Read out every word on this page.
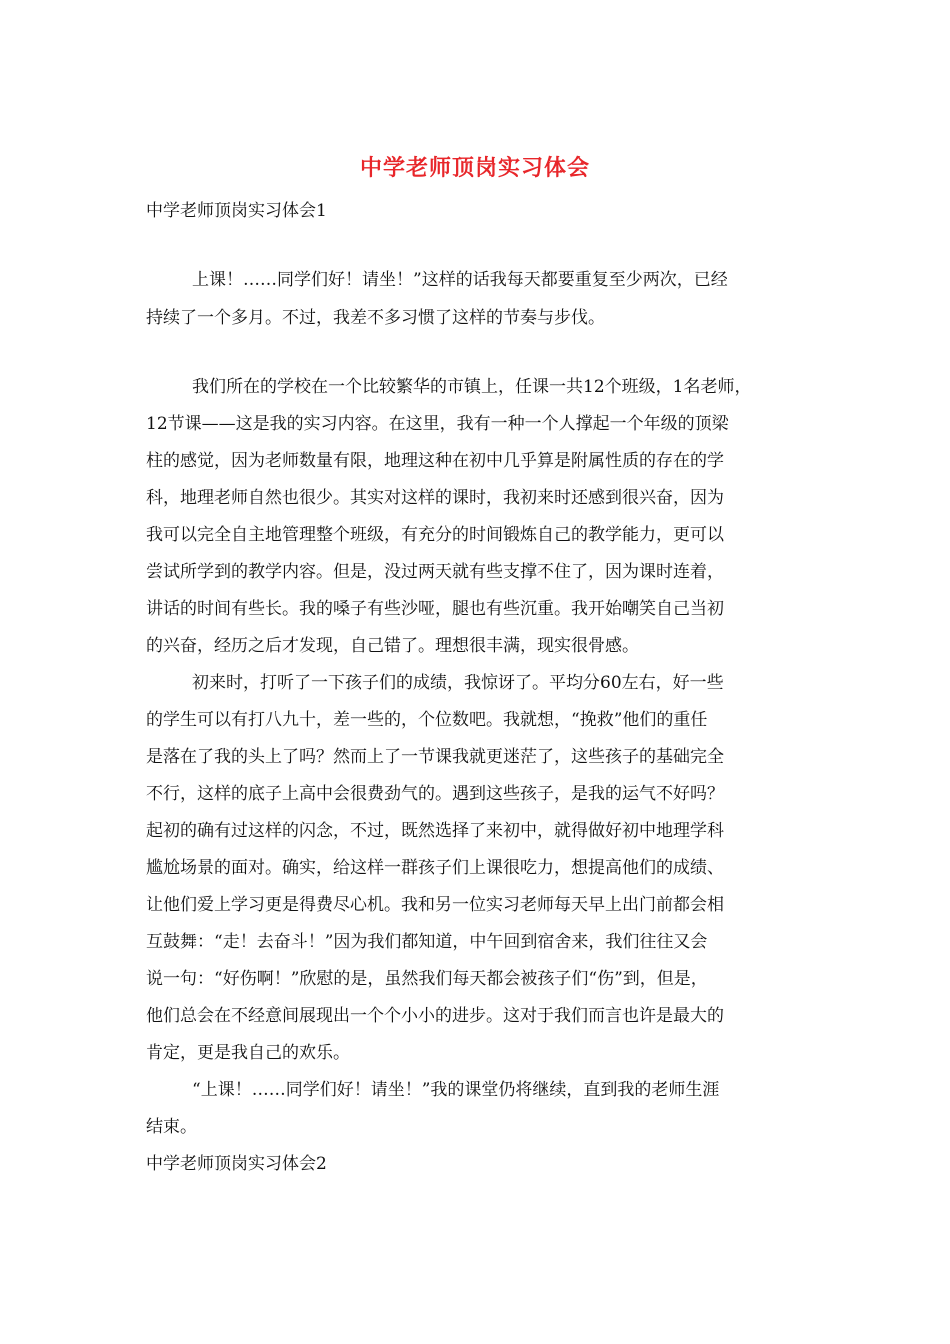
中学老师顶岗实习体会
中学老师顶岗实习体会1
上课！……同学们好！请坐！”这样的话我每天都要重复至少两次，已经
持续了一个多月。不过，我差不多习惯了这样的节奏与步伐。
我们所在的学校在一个比较繁华的市镇上，任课一共12个班级，1名老师，
12节课——这是我的实习内容。在这里，我有一种一个人撑起一个年级的顶梁
柱的感觉，因为老师数量有限，地理这种在初中几乎算是附属性质的存在的学
科，地理老师自然也很少。其实对这样的课时，我初来时还感到很兴奋，因为
我可以完全自主地管理整个班级，有充分的时间锻炼自己的教学能力，更可以
尝试所学到的教学内容。但是，没过两天就有些支撑不住了，因为课时连着，
讲话的时间有些长。我的嗓子有些沙哑，腿也有些沉重。我开始嘲笑自己当初
的兴奋，经历之后才发现，自己错了。理想很丰满，现实很骨感。
初来时，打听了一下孩子们的成绩，我惊讶了。平均分60左右，好一些
的学生可以有打八九十，差一些的，个位数吧。我就想，“挽救”他们的重任
是落在了我的头上了吗？然而上了一节课我就更迷茫了，这些孩子的基础完全
不行，这样的底子上高中会很费劲气的。遇到这些孩子，是我的运气不好吗？
起初的确有过这样的闪念，不过，既然选择了来初中，就得做好初中地理学科
尴尬场景的面对。确实，给这样一群孩子们上课很吃力，想提高他们的成绩、
让他们爱上学习更是得费尽心机。我和另一位实习老师每天早上出门前都会相
互鼓舞：“走！去奋斗！”因为我们都知道，中午回到宿舍来，我们往往又会
说一句：“好伤啊！”欣慰的是，虽然我们每天都会被孩子们“伤”到，但是，
他们总会在不经意间展现出一个个小小的进步。这对于我们而言也许是最大的
肯定，更是我自己的欢乐。
“上课！……同学们好！请坐！”我的课堂仍将继续，直到我的老师生涯
结束。
中学老师顶岗实习体会2
